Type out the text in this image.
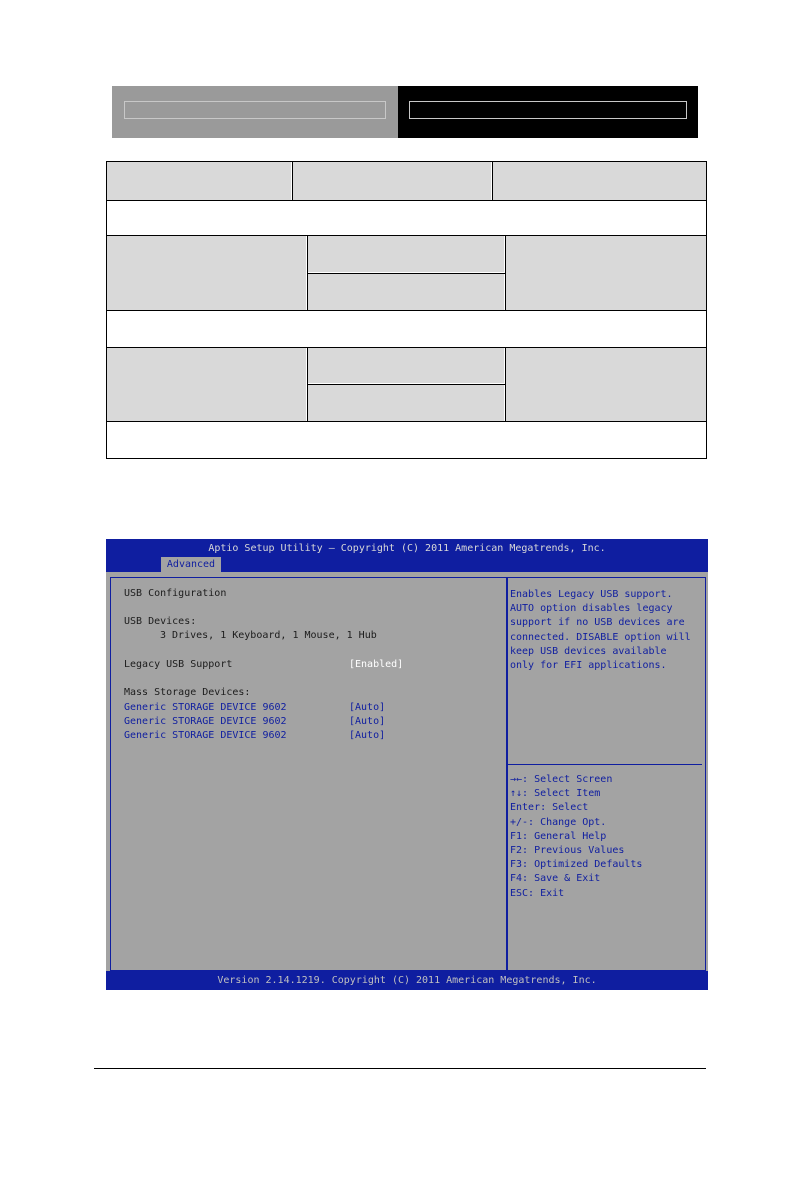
Aptio Setup Utility – Copyright (C) 2011 American Megatrends, Inc.
Advanced
USB Configuration
USB Devices:
3 Drives, 1 Keyboard, 1 Mouse, 1 Hub
Legacy USB Support	[Enabled]
Mass Storage Devices:
Generic STORAGE DEVICE 9602	[Auto]
Generic STORAGE DEVICE 9602	[Auto]
Generic STORAGE DEVICE 9602	[Auto]
Enables Legacy USB support.
AUTO option disables legacy
support if no USB devices are
connected. DISABLE option will
keep USB devices available
only for EFI applications.
→←: Select Screen
↑↓: Select Item
Enter: Select
+/-: Change Opt.
F1: General Help
F2: Previous Values
F3: Optimized Defaults
F4: Save & Exit
ESC: Exit
Version 2.14.1219. Copyright (C) 2011 American Megatrends, Inc.
